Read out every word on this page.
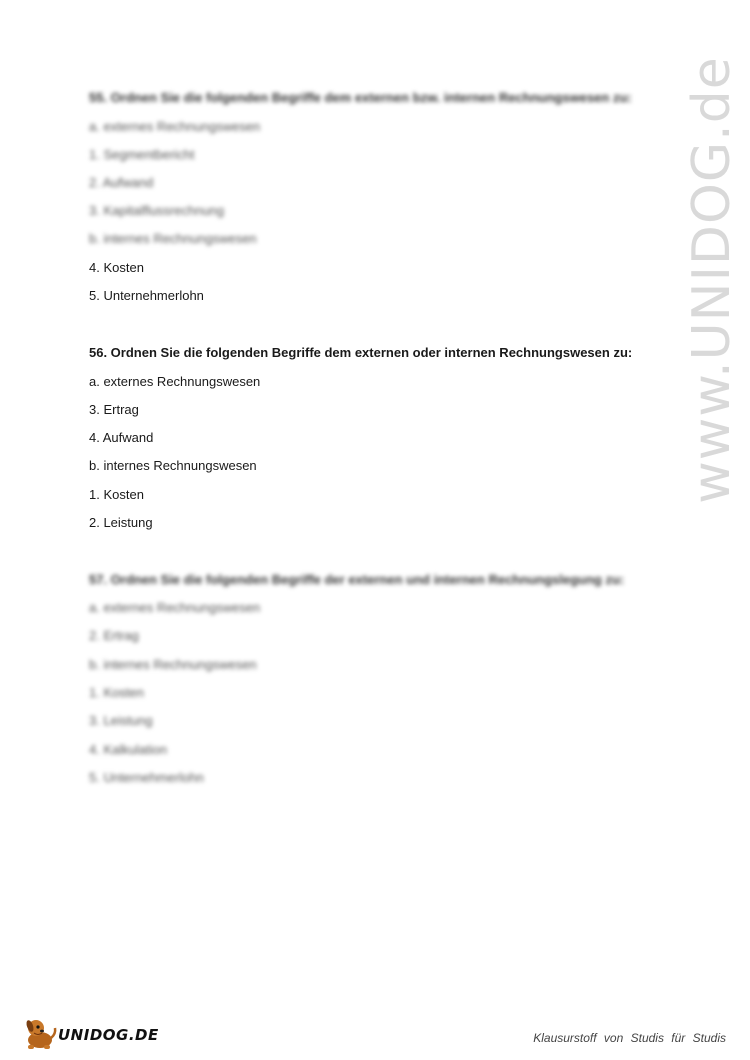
www.UNIDOG.de
55. Ordnen Sie die folgenden Begriffe dem externen bzw. internen Rechnungswesen zu:
a. externes Rechnungswesen
1. Segmentbericht
2. Aufwand
3. Kapitalflussrechnung
b. internes Rechnungswesen
4. Kosten
5. Unternehmerlohn
56. Ordnen Sie die folgenden Begriffe dem externen oder internen Rechnungswesen zu:
a. externes Rechnungswesen
3. Ertrag
4. Aufwand
b. internes Rechnungswesen
1. Kosten
2. Leistung
57. Ordnen Sie die folgenden Begriffe der externen und internen Rechnungslegung zu:
a. externes Rechnungswesen
2. Ertrag
b. internes Rechnungswesen
1. Kosten
3. Leistung
4. Kalkulation
5. Unternehmerlohn
UNIDOG.DE	Klausurstoff von Studis für Studis
